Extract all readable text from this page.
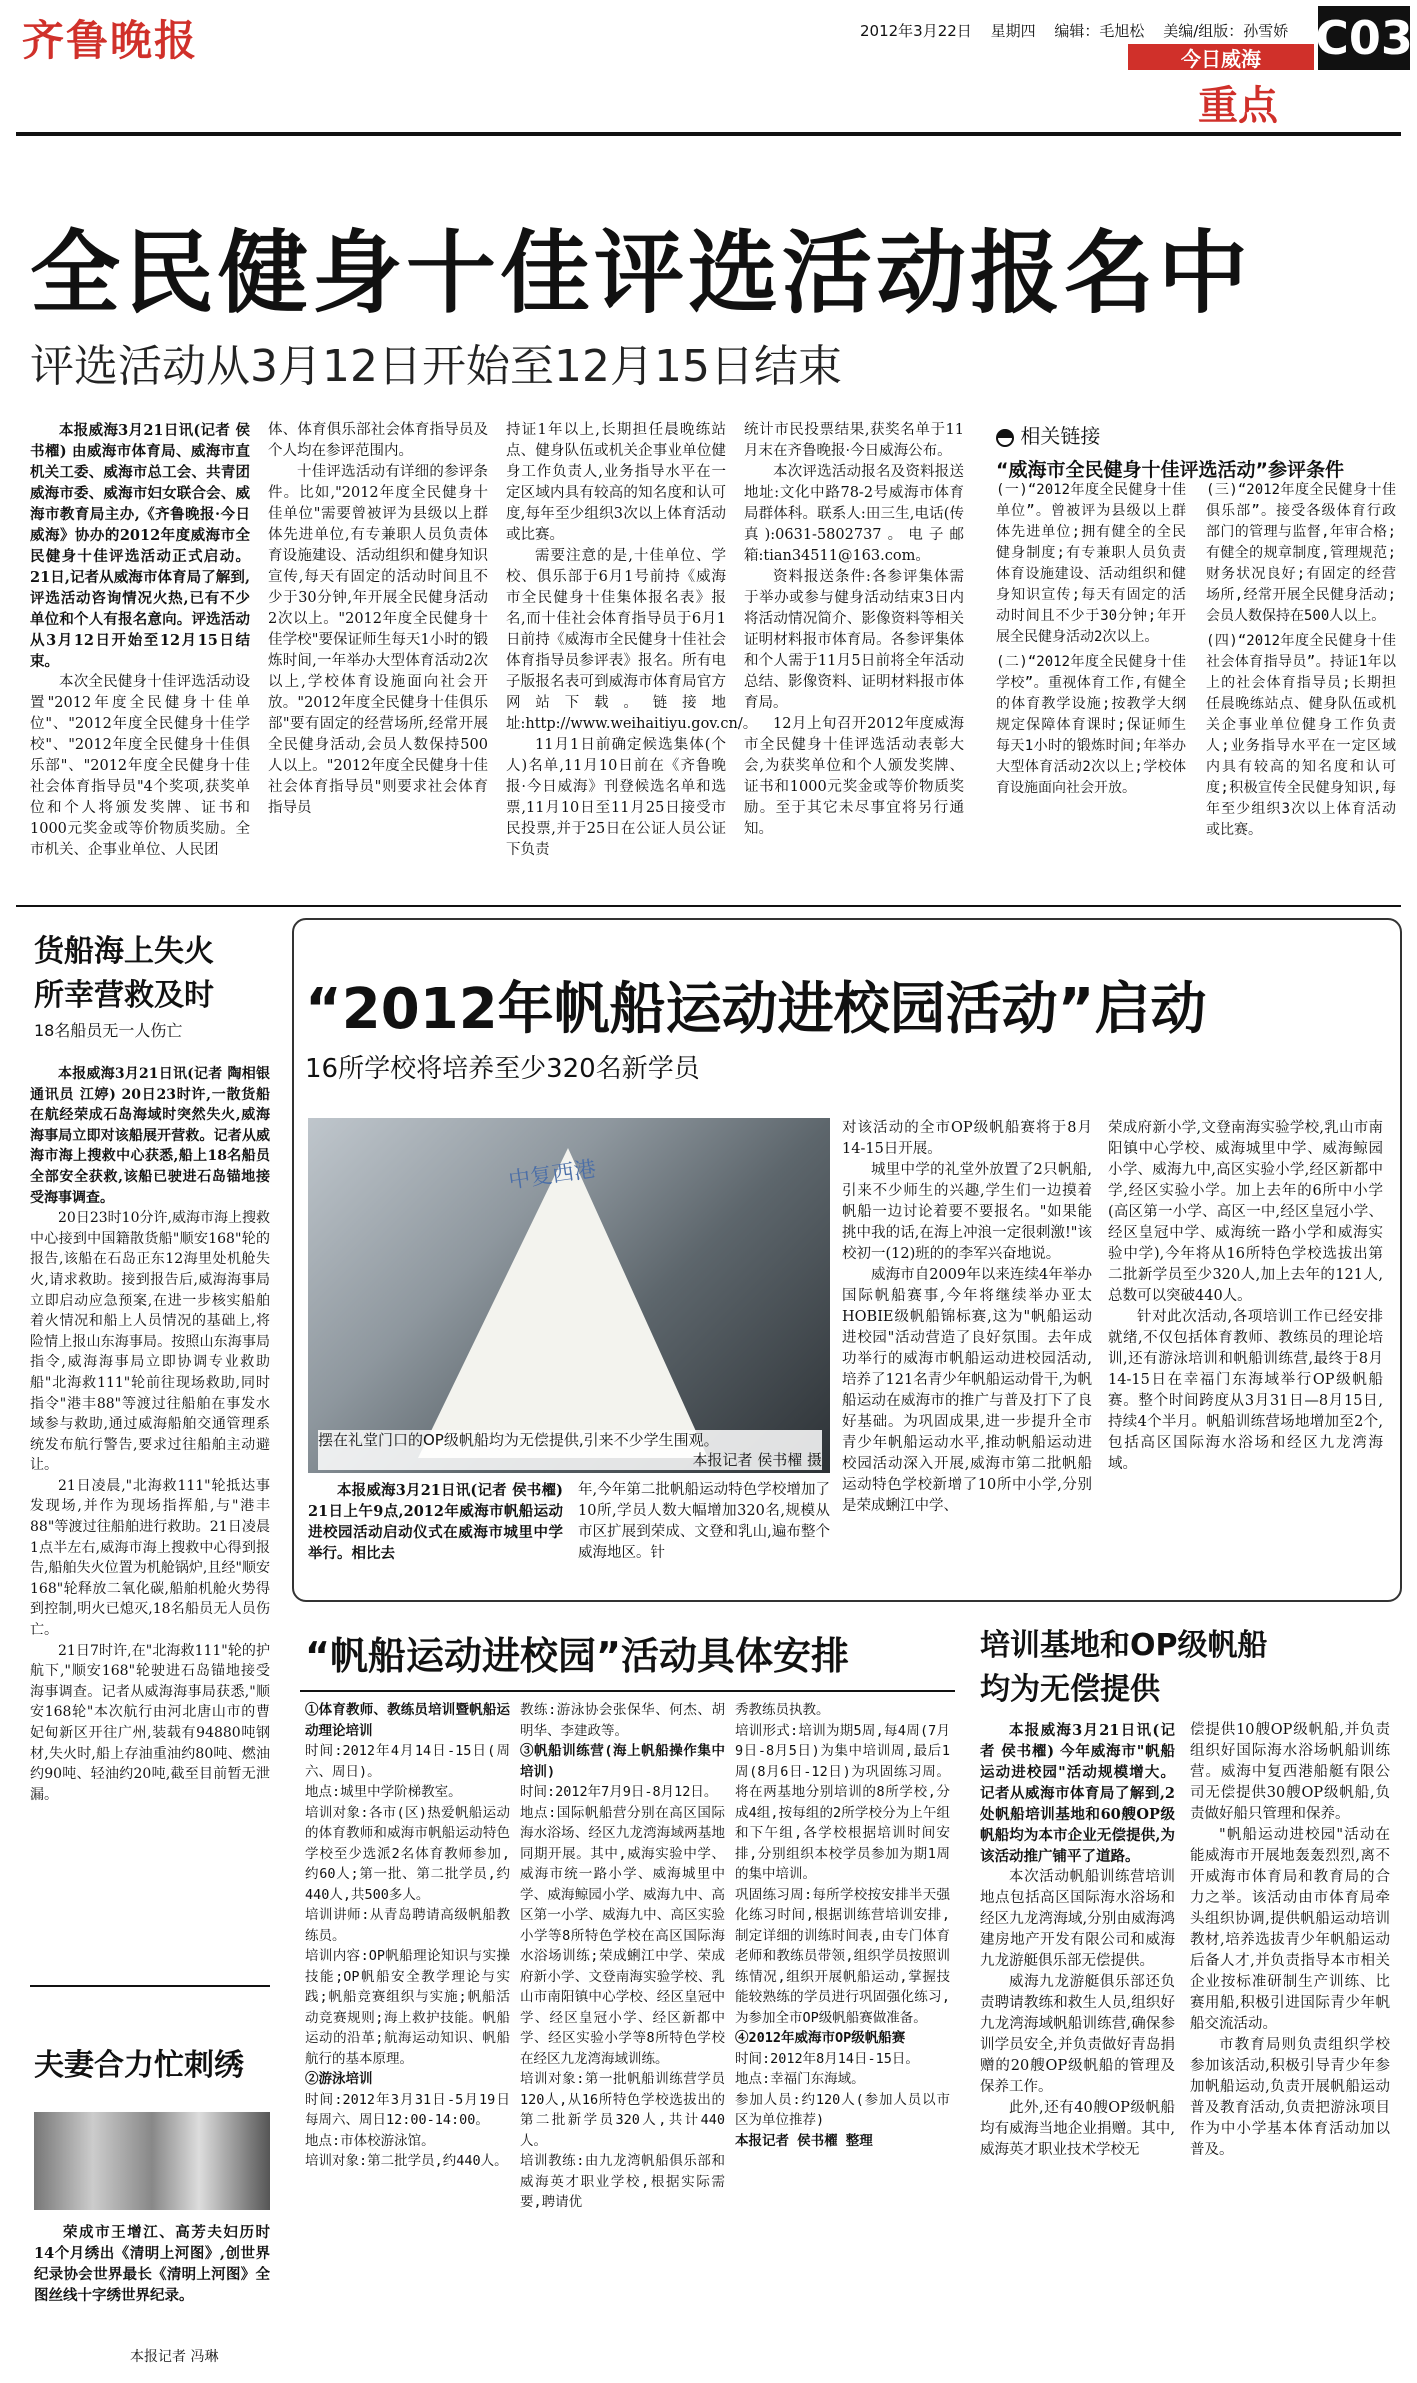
齐鲁晚报	2012年3月22日 星期四 编辑：毛旭松 美编/组版：孙雪娇 C03
今日威海
重点
全民健身十佳评选活动报名中
评选活动从3月12日开始至12月15日结束

本报威海3月21日讯(记者 侯书櫂) 由威海市体育局、威海市直机关工委、威海市总工会、共青团威海市委、威海市妇女联合会、威海市教育局主办,《齐鲁晚报·今日威海》协办的2012年度威海市全民健身十佳评选活动正式启动。21日,记者从威海市体育局了解到,评选活动咨询情况火热,已有不少单位和个人有报名意向。评选活动从3月12日开始至12月15日结束。

本次全民健身十佳评选活动设置"2012年度全民健身十佳单位"、"2012年度全民健身十佳学校"、"2012年度全民健身十佳俱乐部"、"2012年度全民健身十佳社会体育指导员"4个奖项,获奖单位和个人将颁发奖牌、证书和1000元奖金或等价物质奖励。全市机关、企事业单位、人民团

体、体育俱乐部社会体育指导员及个人均在参评范围内。

十佳评选活动有详细的参评条件。比如,"2012年度全民健身十佳单位"需要曾被评为县级以上群体先进单位,有专兼职人员负责体育设施建设、活动组织和健身知识宣传,每天有固定的活动时间且不少于30分钟,年开展全民健身活动2次以上。"2012年度全民健身十佳学校"要保证师生每天1小时的锻炼时间,一年举办大型体育活动2次以上,学校体育设施面向社会开放。"2012年度全民健身十佳俱乐部"要有固定的经营场所,经常开展全民健身活动,会员人数保持500人以上。"2012年度全民健身十佳社会体育指导员"则要求社会体育指导员

持证1年以上,长期担任晨晚练站点、健身队伍或机关企事业单位健身工作负责人,业务指导水平在一定区域内具有较高的知名度和认可度,每年至少组织3次以上体育活动或比赛。

需要注意的是,十佳单位、学校、俱乐部于6月1号前持《威海市全民健身十佳集体报名表》报名,而十佳社会体育指导员于6月1日前持《威海市全民健身十佳社会体育指导员参评表》报名。所有电子版报名表可到威海市体育局官方网站下载。链接地址:http://www.weihaitiyu.gov.cn/。

11月1日前确定候选集体(个人)名单,11月10日前在《齐鲁晚报·今日威海》刊登候选名单和选票,11月10日至11月25日接受市民投票,并于25日在公证人员公证下负责

统计市民投票结果,获奖名单于11月末在齐鲁晚报·今日威海公布。

本次评选活动报名及资料报送地址:文化中路78-2号威海市体育局群体科。联系人:田三生,电话(传真):0631-5802737。电子邮箱:tian34511@163.com。

资料报送条件:各参评集体需于举办或参与健身活动结束3日内将活动情况简介、影像资料等相关证明材料报市体育局。各参评集体和个人需于11月5日前将全年活动总结、影像资料、证明材料报市体育局。

12月上旬召开2012年度威海市全民健身十佳评选活动表彰大会,为获奖单位和个人颁发奖牌、证书和1000元奖金或等价物质奖励。至于其它未尽事宜将另行通知。

相关链接
“威海市全民健身十佳评选活动”参评条件

(一)“2012年度全民健身十佳单位”。曾被评为县级以上群体先进单位;拥有健全的全民健身制度;有专兼职人员负责体育设施建设、活动组织和健身知识宣传;每天有固定的活动时间且不少于30分钟;年开展全民健身活动2次以上。

(二)“2012年度全民健身十佳学校”。重视体育工作,有健全的体育教学设施;按教学大纲规定保障体育课时;保证师生每天1小时的锻炼时间;年举办大型体育活动2次以上;学校体育设施面向社会开放。

(三)“2012年度全民健身十佳俱乐部”。接受各级体育行政部门的管理与监督,年审合格;有健全的规章制度,管理规范;财务状况良好;有固定的经营场所,经常开展全民健身活动;会员人数保持在500人以上。

(四)“2012年度全民健身十佳社会体育指导员”。持证1年以上的社会体育指导员;长期担任晨晚练站点、健身队伍或机关企事业单位健身工作负责人;业务指导水平在一定区域内具有较高的知名度和认可度;积极宣传全民健身知识,每年至少组织3次以上体育活动或比赛。

货船海上失火
所幸营救及时
18名船员无一人伤亡

本报威海3月21日讯(记者 陶相银 通讯员 江婷) 20日23时许,一散货船在航经荣成石岛海域时突然失火,威海海事局立即对该船展开营救。记者从威海市海上搜救中心获悉,船上18名船员全部安全获救,该船已驶进石岛锚地接受海事调查。

20日23时10分许,威海市海上搜救中心接到中国籍散货船"顺安168"轮的报告,该船在石岛正东12海里处机舱失火,请求救助。接到报告后,威海海事局立即启动应急预案,在进一步核实船舶着火情况和船上人员情况的基础上,将险情上报山东海事局。按照山东海事局指令,威海海事局立即协调专业救助船"北海救111"轮前往现场救助,同时指令"港丰88"等渡过往船舶在事发水域参与救助,通过威海船舶交通管理系统发布航行警告,要求过往船舶主动避让。

21日凌晨,"北海救111"轮抵达事发现场,并作为现场指挥船,与"港丰88"等渡过往船舶进行救助。21日凌晨1点半左右,威海市海上搜救中心得到报告,船舶失火位置为机舱锅炉,且经"顺安168"轮释放二氧化碳,船舶机舱火势得到控制,明火已熄灭,18名船员无人员伤亡。

21日7时许,在"北海救111"轮的护航下,"顺安168"轮驶进石岛锚地接受海事调查。记者从威海海事局获悉,"顺安168轮"本次航行由河北唐山市的曹妃甸新区开往广州,装载有94880吨钢材,失火时,船上存油重油约80吨、燃油约90吨、轻油约20吨,截至目前暂无泄漏。

夫妻合力忙刺绣

荣成市王增江、高芳夫妇历时14个月绣出《清明上河图》,创世界纪录协会世界最长《清明上河图》全图丝线十字绣世界纪录。

本报记者 冯琳
“2012年帆船运动进校园活动”启动
16所学校将培养至少320名新学员
中复西港
摆在礼堂门口的OP级帆船均为无偿提供,引来不少学生围观。
本报记者 侯书櫂 摄

本报威海3月21日讯(记者 侯书櫂) 21日上午9点,2012年威海市帆船运动进校园活动启动仪式在威海市城里中学举行。相比去

年,今年第二批帆船运动特色学校增加了10所,学员人数大幅增加320名,规模从市区扩展到荣成、文登和乳山,遍布整个威海地区。针

对该活动的全市OP级帆船赛将于8月14-15日开展。

城里中学的礼堂外放置了2只帆船,引来不少师生的兴趣,学生们一边摸着帆船一边讨论着要不要报名。"如果能挑中我的话,在海上冲浪一定很刺激!"该校初一(12)班的的李军兴奋地说。

威海市自2009年以来连续4年举办国际帆船赛事,今年将继续举办亚太HOBIE级帆船锦标赛,这为"帆船运动进校园"活动营造了良好氛围。去年成功举行的威海市帆船运动进校园活动,培养了121名青少年帆船运动骨干,为帆船运动在威海市的推广与普及打下了良好基础。为巩固成果,进一步提升全市青少年帆船运动水平,推动帆船运动进校园活动深入开展,威海市第二批帆船运动特色学校新增了10所中小学,分别是荣成蜊江中学、

荣成府新小学,文登南海实验学校,乳山市南阳镇中心学校、威海城里中学、威海鲸园小学、威海九中,高区实验小学,经区新都中学,经区实验小学。加上去年的6所中小学(高区第一小学、高区一中,经区皇冠小学、经区皇冠中学、威海统一路小学和威海实验中学),今年将从16所特色学校选拔出第二批新学员至少320人,加上去年的121人,总数可以突破440人。

针对此次活动,各项培训工作已经安排就绪,不仅包括体育教师、教练员的理论培训,还有游泳培训和帆船训练营,最终于8月14-15日在幸福门东海域举行OP级帆船赛。整个时间跨度从3月31日—8月15日,持续4个半月。帆船训练营场地增加至2个,包括高区国际海水浴场和经区九龙湾海域。

“帆船运动进校园”活动具体安排

①体育教师、教练员培训暨帆船运动理论培训

时间:2012年4月14日-15日(周六、周日)。

地点:城里中学阶梯教室。

培训对象:各市(区)热爱帆船运动的体育教师和威海市帆船运动特色学校至少选派2名体育教师参加,约60人;第一批、第二批学员,约440人,共500多人。

培训讲师:从青岛聘请高级帆船教练员。

培训内容:OP帆船理论知识与实操技能;OP帆船安全教学理论与实践;帆船竞赛组织与实施;帆船活动竞赛规则;海上救护技能。帆船运动的沿革;航海运动知识、帆船航行的基本原理。

②游泳培训

时间:2012年3月31日-5月19日每周六、周日12:00-14:00。

地点:市体校游泳馆。

培训对象:第二批学员,约440人。

教练:游泳协会张保华、何杰、胡明华、李建政等。

③帆船训练营(海上帆船操作集中培训)

时间:2012年7月9日-8月12日。

地点:国际帆船营分别在高区国际海水浴场、经区九龙湾海域两基地同期开展。其中,威海实验中学、威海市统一路小学、威海城里中学、威海鲸园小学、威海九中、高区第一小学、威海九中、高区实验小学等8所特色学校在高区国际海水浴场训练;荣成蜊江中学、荣成府新小学、文登南海实验学校、乳山市南阳镇中心学校、经区皇冠中学、经区皇冠小学、经区新都中学、经区实验小学等8所特色学校在经区九龙湾海域训练。

培训对象:第一批帆船训练营学员120人,从16所特色学校选拔出的第二批新学员320人,共计440人。

培训教练:由九龙湾帆船俱乐部和威海英才职业学校,根据实际需要,聘请优

秀教练员执教。

培训形式:培训为期5周,每4周(7月9日-8月5日)为集中培训周,最后1周(8月6日-12日)为巩固练习周。将在两基地分别培训的8所学校,分成4组,按每组的2所学校分为上午组和下午组,各学校根据培训时间安排,分别组织本校学员参加为期1周的集中培训。

巩固练习周:每所学校按安排半天强化练习时间,根据训练营培训安排,制定详细的训练时间表,由专门体育老师和教练员带领,组织学员按照训练情况,组织开展帆船运动,掌握技能较熟练的学员进行巩固强化练习,为参加全市OP级帆船赛做准备。

④2012年威海市OP级帆船赛

时间:2012年8月14日-15日。

地点:幸福门东海域。

参加人员:约120人(参加人员以市区为单位推荐)

本报记者 侯书櫂 整理

培训基地和OP级帆船
均为无偿提供

本报威海3月21日讯(记者 侯书櫂) 今年威海市"帆船运动进校园"活动规模增大。记者从威海市体育局了解到,2处帆船培训基地和60艘OP级帆船均为本市企业无偿提供,为该活动推广铺平了道路。

本次活动帆船训练营培训地点包括高区国际海水浴场和经区九龙湾海域,分别由威海鸿建房地产开发有限公司和威海九龙游艇俱乐部无偿提供。

威海九龙游艇俱乐部还负责聘请教练和救生人员,组织好九龙湾海域帆船训练营,确保参训学员安全,并负责做好青岛捐赠的20艘OP级帆船的管理及保养工作。

此外,还有40艘OP级帆船均有威海当地企业捐赠。其中,威海英才职业技术学校无

偿提供10艘OP级帆船,并负责组织好国际海水浴场帆船训练营。威海中复西港船艇有限公司无偿提供30艘OP级帆船,负责做好船只管理和保养。

"帆船运动进校园"活动在能威海市开展地轰轰烈烈,离不开威海市体育局和教育局的合力之举。该活动由市体育局牵头组织协调,提供帆船运动培训教材,培养选拔青少年帆船运动后备人才,并负责指导本市相关企业按标准研制生产训练、比赛用船,积极引进国际青少年帆船交流活动。

市教育局则负责组织学校参加该活动,积极引导青少年参加帆船运动,负责开展帆船运动普及教育活动,负责把游泳项目作为中小学基本体育活动加以普及。
